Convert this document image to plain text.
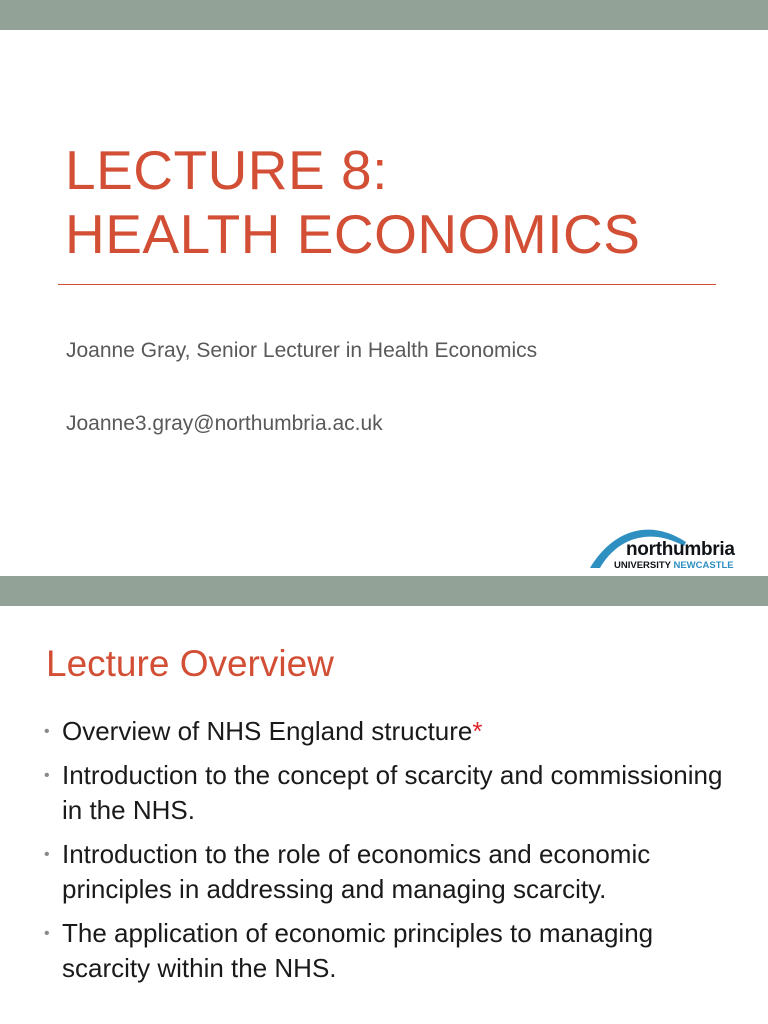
LECTURE 8:
HEALTH ECONOMICS
Joanne Gray, Senior Lecturer in Health Economics
Joanne3.gray@northumbria.ac.uk
northumbria
UNIVERSITY NEWCASTLE
Lecture Overview
• Overview of NHS England structure*
• Introduction to the concept of scarcity and commissioning in the NHS.
• Introduction to the role of economics and economic principles in addressing and managing scarcity.
• The application of economic principles to managing scarcity within the NHS.
